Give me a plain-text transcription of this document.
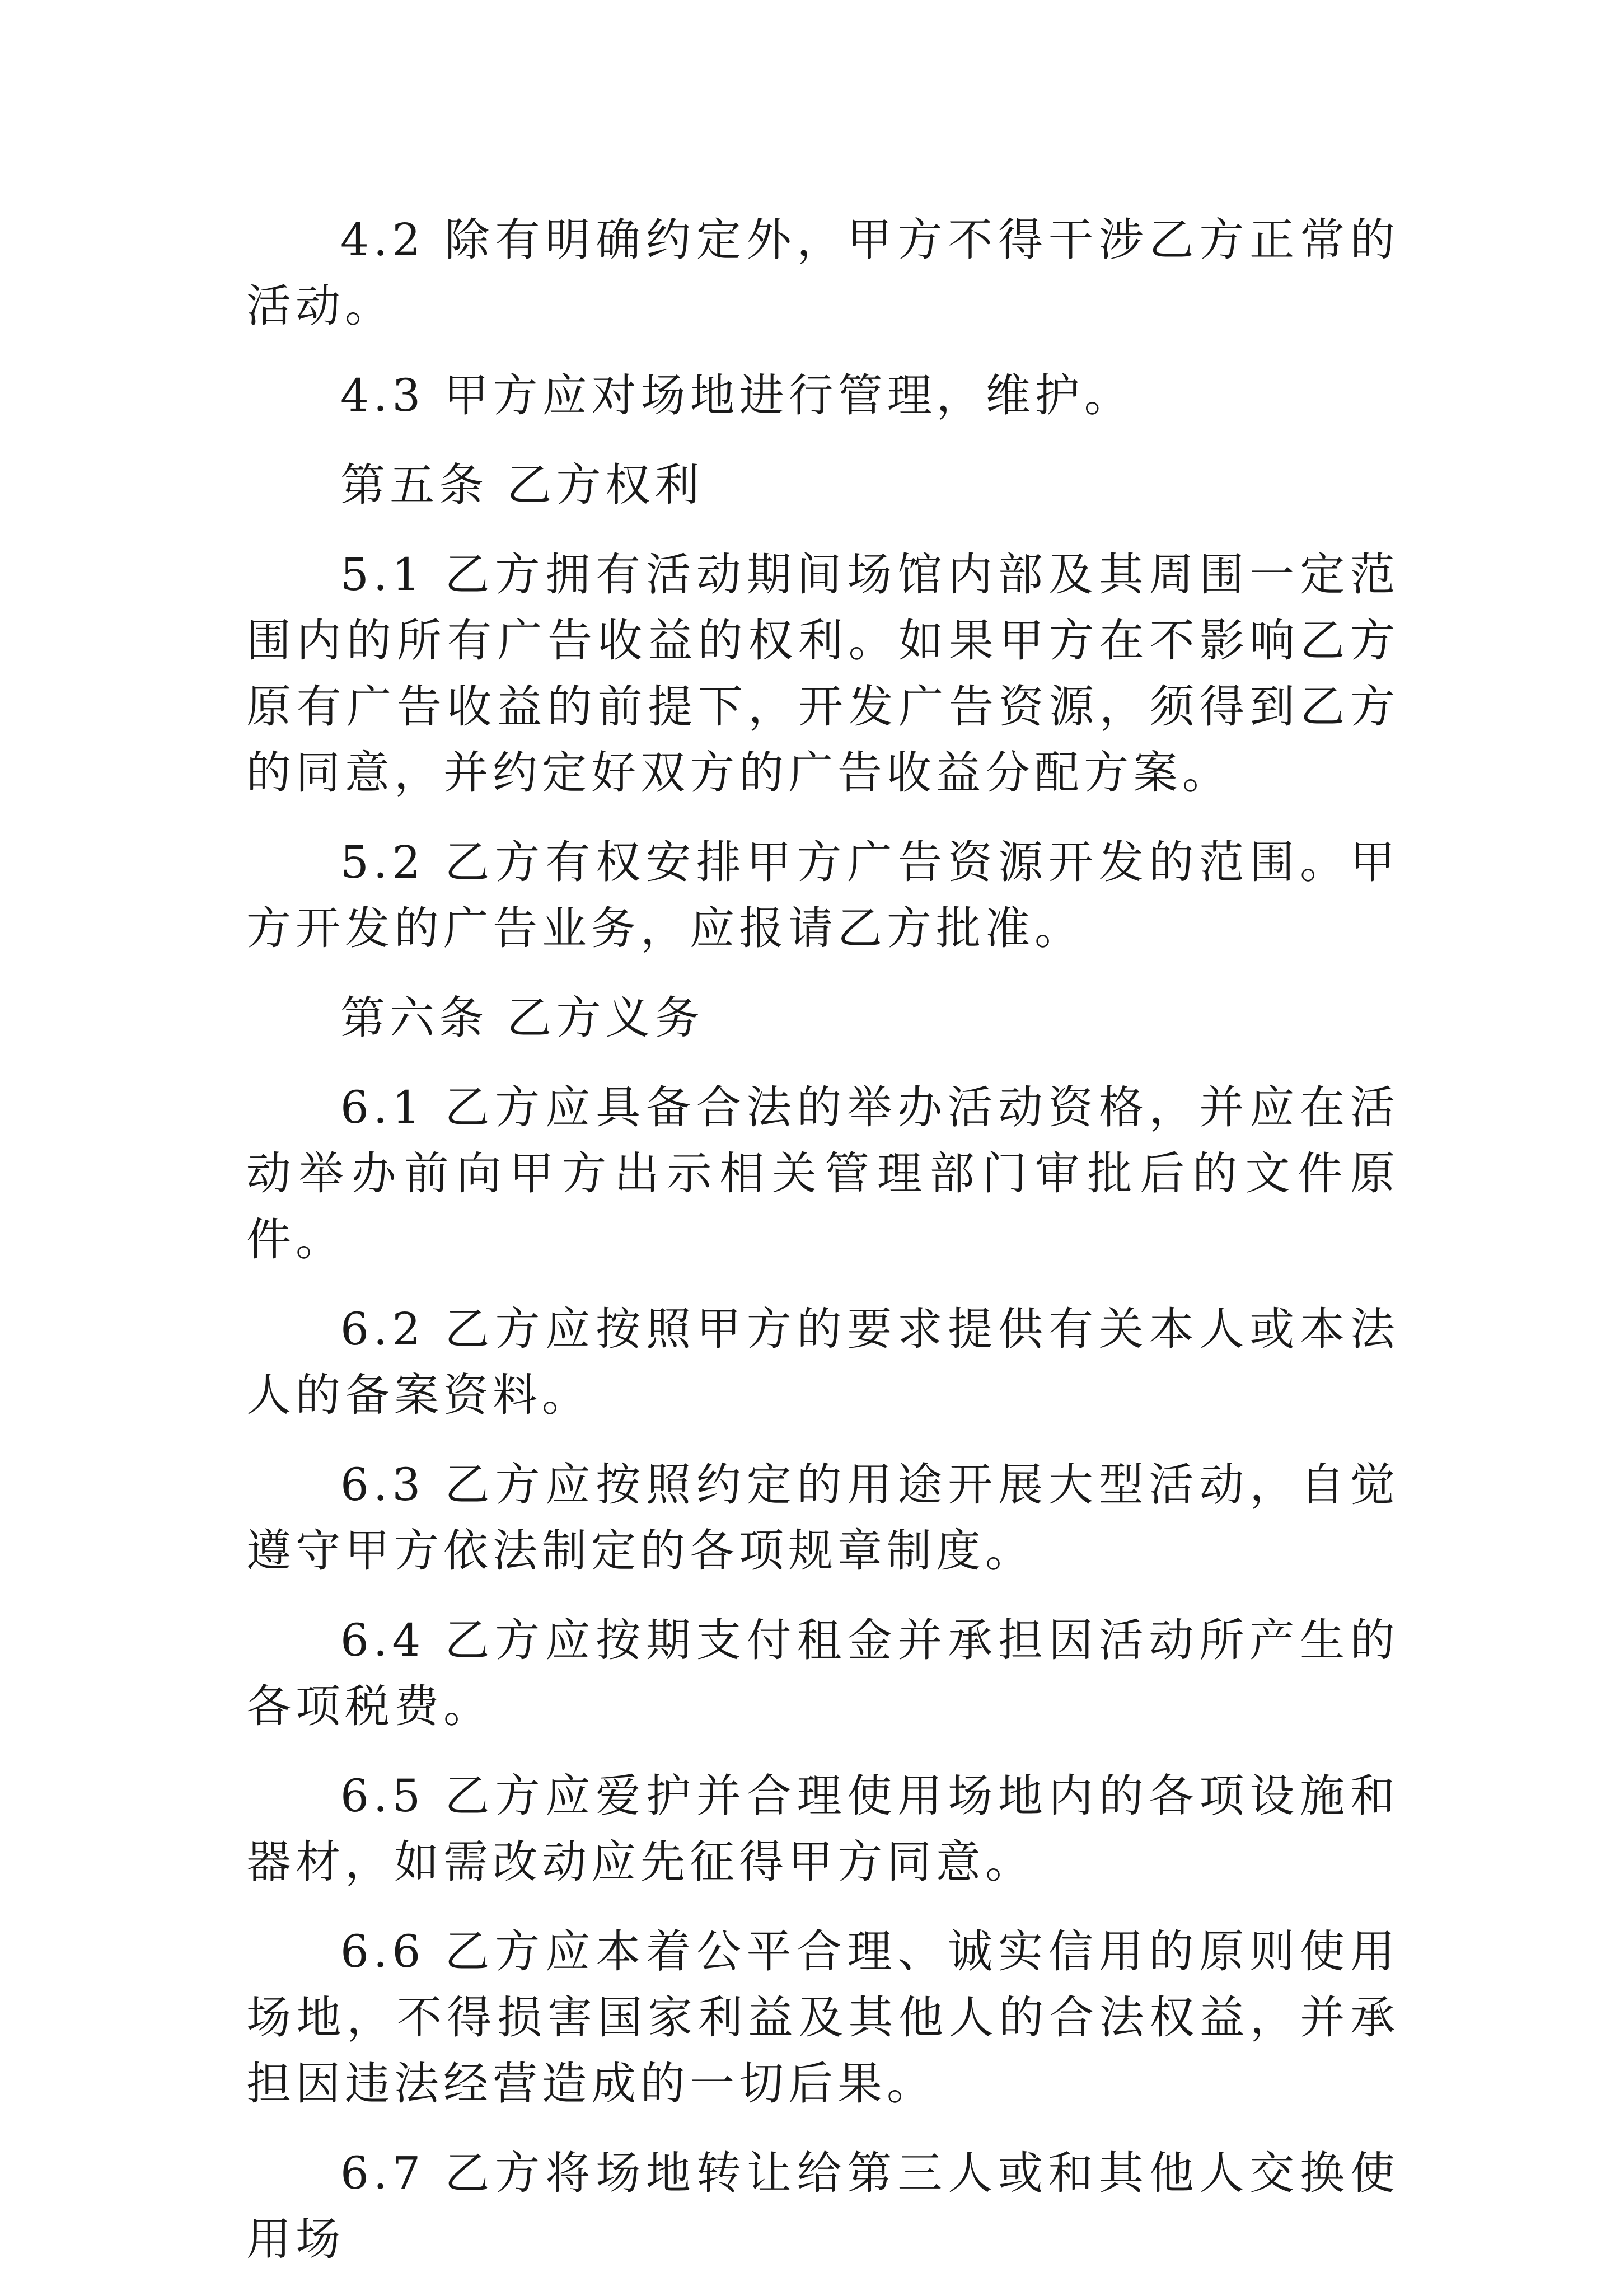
4.2 除有明确约定外，甲方不得干涉乙方正常的活动。

4.3 甲方应对场地进行管理，维护。

第五条 乙方权利

5.1 乙方拥有活动期间场馆内部及其周围一定范围内的所有广告收益的权利。如果甲方在不影响乙方原有广告收益的前提下，开发广告资源，须得到乙方的同意，并约定好双方的广告收益分配方案。

5.2 乙方有权安排甲方广告资源开发的范围。甲方开发的广告业务，应报请乙方批准。

第六条 乙方义务

6.1 乙方应具备合法的举办活动资格，并应在活动举办前向甲方出示相关管理部门审批后的文件原件。

6.2 乙方应按照甲方的要求提供有关本人或本法人的备案资料。

6.3 乙方应按照约定的用途开展大型活动，自觉遵守甲方依法制定的各项规章制度。

6.4 乙方应按期支付租金并承担因活动所产生的各项税费。

6.5 乙方应爱护并合理使用场地内的各项设施和器材，如需改动应先征得甲方同意。

6.6 乙方应本着公平合理、诚实信用的原则使用场地，不得损害国家利益及其他人的合法权益，并承担因违法经营造成的一切后果。

6.7 乙方将场地转让给第三人或和其他人交换使用场
